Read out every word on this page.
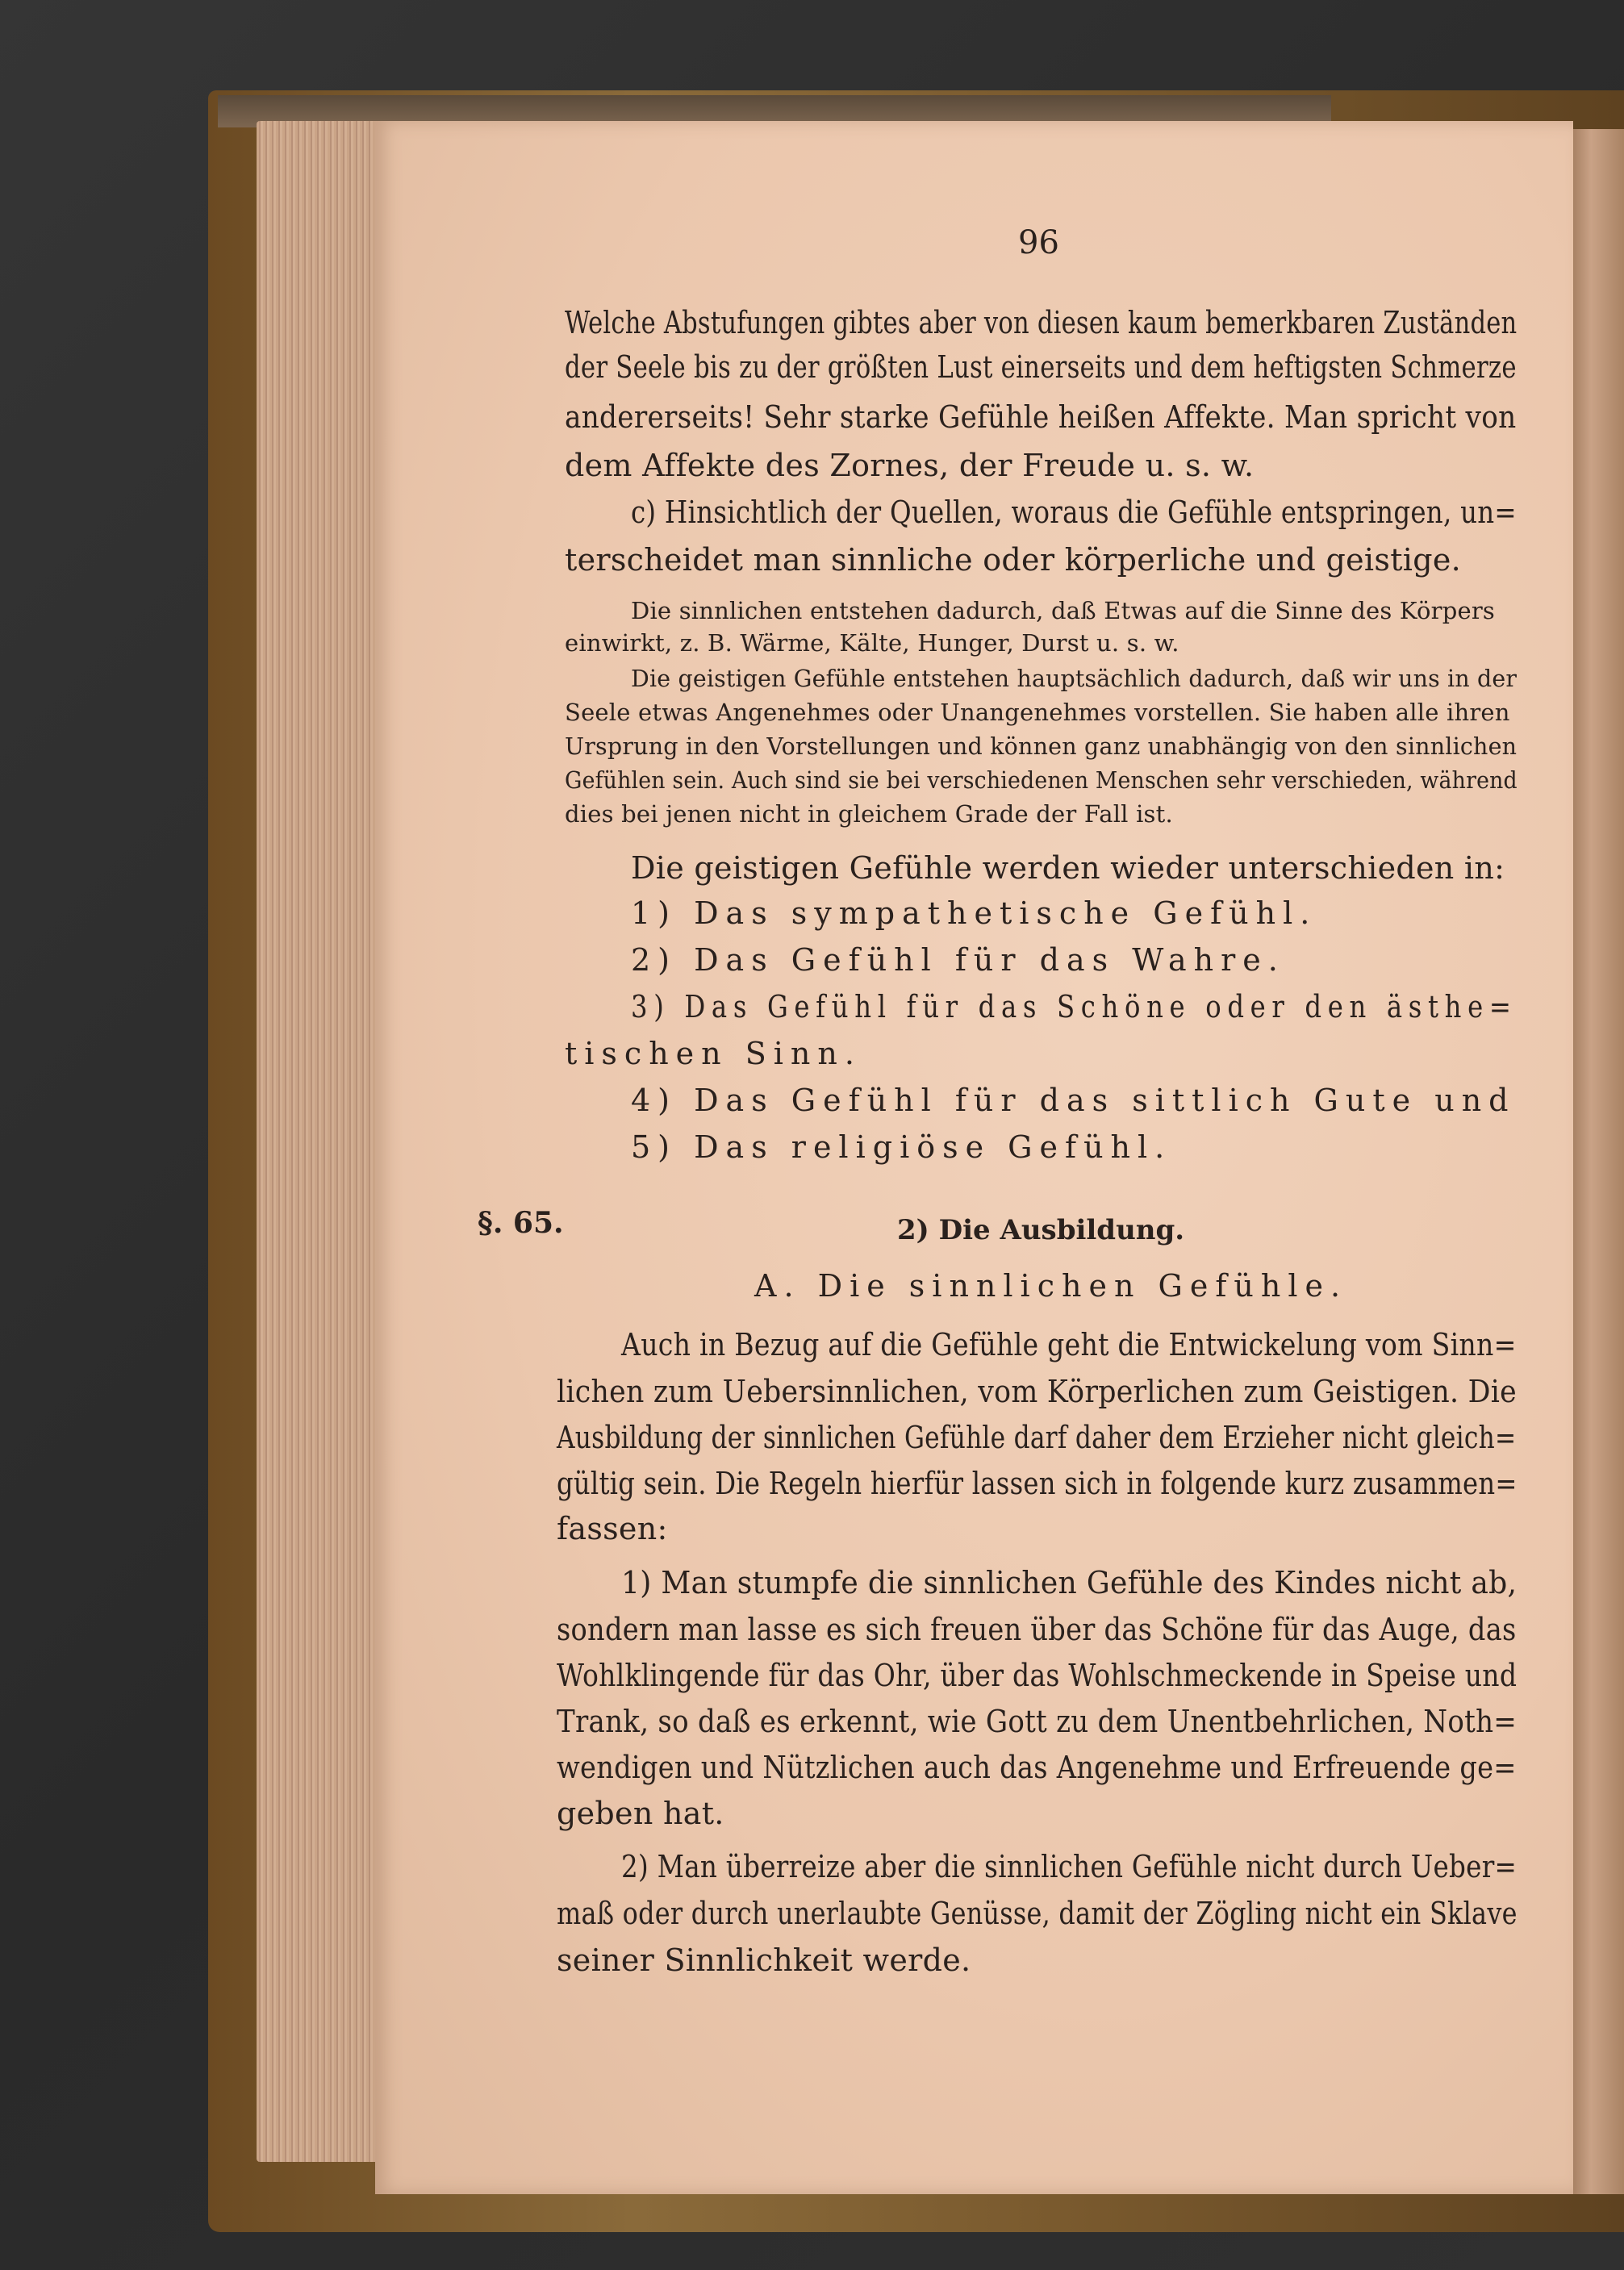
96
Welche Abstufungen gibtes aber von diesen kaum bemerkbaren Zuständen
der Seele bis zu der größten Lust einerseits und dem heftigsten Schmerze
andererseits! Sehr starke Gefühle heißen Affekte. Man spricht von
dem Affekte des Zornes, der Freude u. s. w.
c) Hinsichtlich der Quellen, woraus die Gefühle entspringen, un=
terscheidet man sinnliche oder körperliche und geistige.
Die sinnlichen entstehen dadurch, daß Etwas auf die Sinne des Körpers
einwirkt, z. B. Wärme, Kälte, Hunger, Durst u. s. w.
Die geistigen Gefühle entstehen hauptsächlich dadurch, daß wir uns in der
Seele etwas Angenehmes oder Unangenehmes vorstellen. Sie haben alle ihren
Ursprung in den Vorstellungen und können ganz unabhängig von den sinnlichen
Gefühlen sein. Auch sind sie bei verschiedenen Menschen sehr verschieden, während
dies bei jenen nicht in gleichem Grade der Fall ist.
Die geistigen Gefühle werden wieder unterschieden in:
1) Das sympathetische Gefühl.
2) Das Gefühl für das Wahre.
3) Das Gefühl für das Schöne oder den ästhe=
tischen Sinn.
4) Das Gefühl für das sittlich Gute und
5) Das religiöse Gefühl.
§. 65.	2) Die Ausbildung.
A. Die sinnlichen Gefühle.
Auch in Bezug auf die Gefühle geht die Entwickelung vom Sinn=
lichen zum Uebersinnlichen, vom Körperlichen zum Geistigen. Die
Ausbildung der sinnlichen Gefühle darf daher dem Erzieher nicht gleich=
gültig sein. Die Regeln hierfür lassen sich in folgende kurz zusammen=
fassen:
1) Man stumpfe die sinnlichen Gefühle des Kindes nicht ab,
sondern man lasse es sich freuen über das Schöne für das Auge, das
Wohlklingende für das Ohr, über das Wohlschmeckende in Speise und
Trank, so daß es erkennt, wie Gott zu dem Unentbehrlichen, Noth=
wendigen und Nützlichen auch das Angenehme und Erfreuende ge=
geben hat.
2) Man überreize aber die sinnlichen Gefühle nicht durch Ueber=
maß oder durch unerlaubte Genüsse, damit der Zögling nicht ein Sklave
seiner Sinnlichkeit werde.
